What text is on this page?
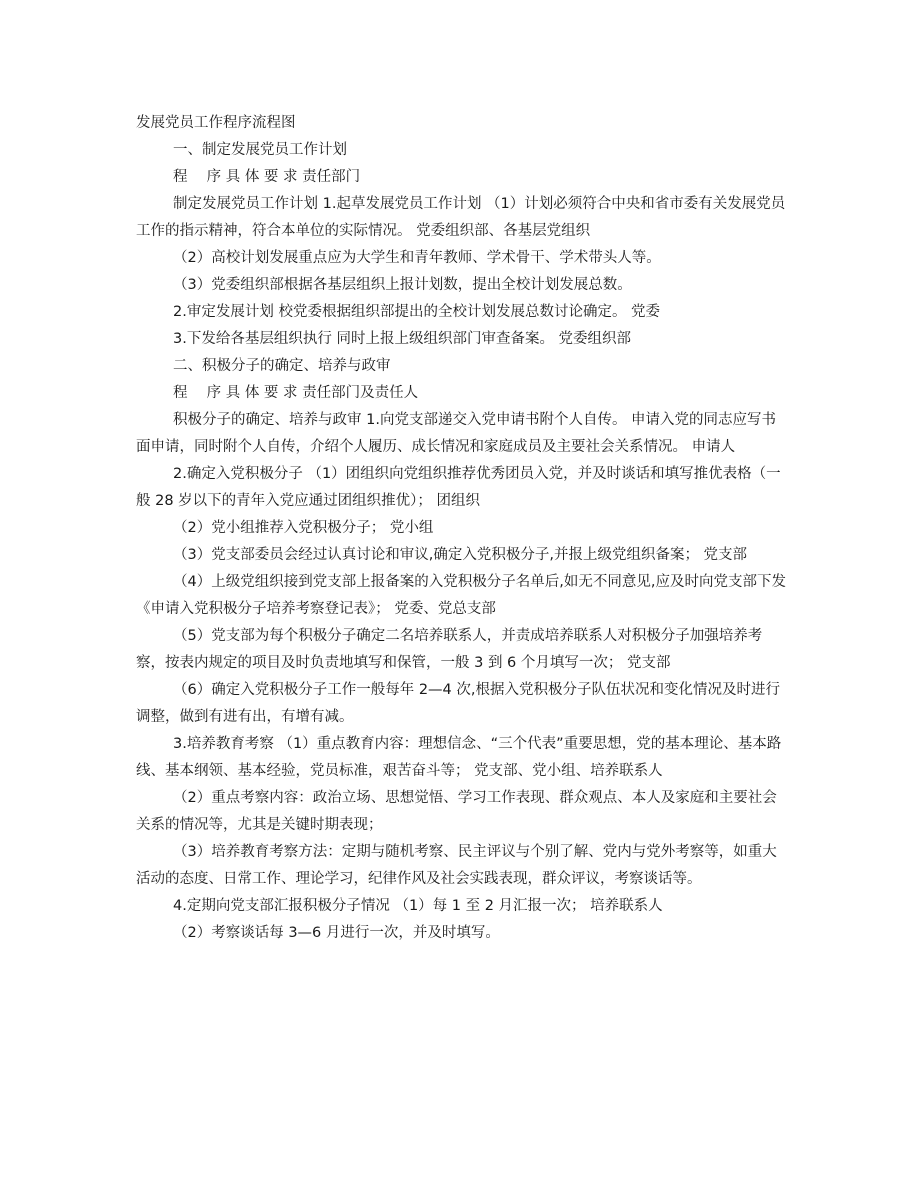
发展党员工作程序流程图

一、制定发展党员工作计划

程　 序 具 体 要 求 责任部门

制定发展党员工作计划 1.起草发展党员工作计划 （1）计划必须符合中央和省市委有关发展党员工作的指示精神，符合本单位的实际情况。 党委组织部、各基层党组织

（2）高校计划发展重点应为大学生和青年教师、学术骨干、学术带头人等。

（3）党委组织部根据各基层组织上报计划数，提出全校计划发展总数。

2.审定发展计划 校党委根据组织部提出的全校计划发展总数讨论确定。 党委

3.下发给各基层组织执行 同时上报上级组织部门审查备案。 党委组织部

二、积极分子的确定、培养与政审

程　 序 具 体 要 求 责任部门及责任人

积极分子的确定、培养与政审 1.向党支部递交入党申请书附个人自传。 申请入党的同志应写书面申请，同时附个人自传，介绍个人履历、成长情况和家庭成员及主要社会关系情况。 申请人

2.确定入党积极分子 （1）团组织向党组织推荐优秀团员入党，并及时谈话和填写推优表格（一般 28 岁以下的青年入党应通过团组织推优）； 团组织

（2）党小组推荐入党积极分子； 党小组

（3）党支部委员会经过认真讨论和审议,确定入党积极分子,并报上级党组织备案； 党支部

（4）上级党组织接到党支部上报备案的入党积极分子名单后,如无不同意见,应及时向党支部下发《申请入党积极分子培养考察登记表》； 党委、党总支部

（5）党支部为每个积极分子确定二名培养联系人，并责成培养联系人对积极分子加强培养考察，按表内规定的项目及时负责地填写和保管，一般 3 到 6 个月填写一次； 党支部

（6）确定入党积极分子工作一般每年 2—4 次,根据入党积极分子队伍状况和变化情况及时进行调整，做到有进有出，有增有减。

3.培养教育考察 （1）重点教育内容：理想信念、“三个代表”重要思想，党的基本理论、基本路线、基本纲领、基本经验，党员标准，艰苦奋斗等； 党支部、党小组、培养联系人

（2）重点考察内容：政治立场、思想觉悟、学习工作表现、群众观点、本人及家庭和主要社会关系的情况等，尤其是关键时期表现；

（3）培养教育考察方法：定期与随机考察、民主评议与个别了解、党内与党外考察等，如重大活动的态度、日常工作、理论学习，纪律作风及社会实践表现，群众评议，考察谈话等。

4.定期向党支部汇报积极分子情况 （1）每 1 至 2 月汇报一次； 培养联系人

（2）考察谈话每 3—6 月进行一次，并及时填写。
